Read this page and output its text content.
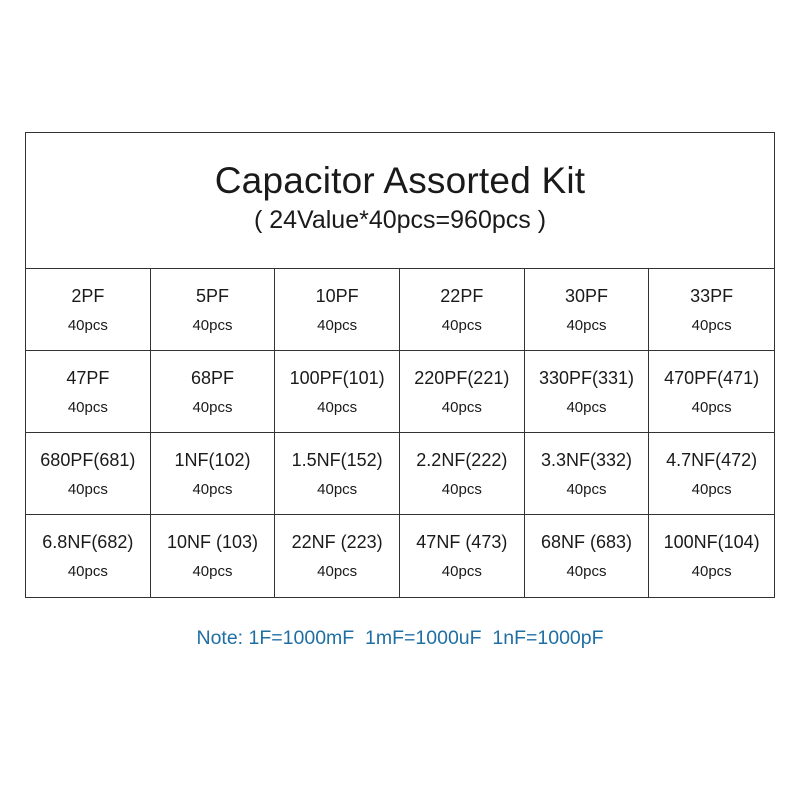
Capacitor Assorted Kit

( 24Value*40pcs=960pcs )

2PF
40pcs
5PF
40pcs
10PF
40pcs
22PF
40pcs
30PF
40pcs
33PF
40pcs
47PF
40pcs
68PF
40pcs
100PF(101)
40pcs
220PF(221)
40pcs
330PF(331)
40pcs
470PF(471)
40pcs
680PF(681)
40pcs
1NF(102)
40pcs
1.5NF(152)
40pcs
2.2NF(222)
40pcs
3.3NF(332)
40pcs
4.7NF(472)
40pcs
6.8NF(682)
40pcs
10NF (103)
40pcs
22NF (223)
40pcs
47NF (473)
40pcs
68NF (683)
40pcs
100NF(104)
40pcs
Note: 1F=1000mF  1mF=1000uF  1nF=1000pF
